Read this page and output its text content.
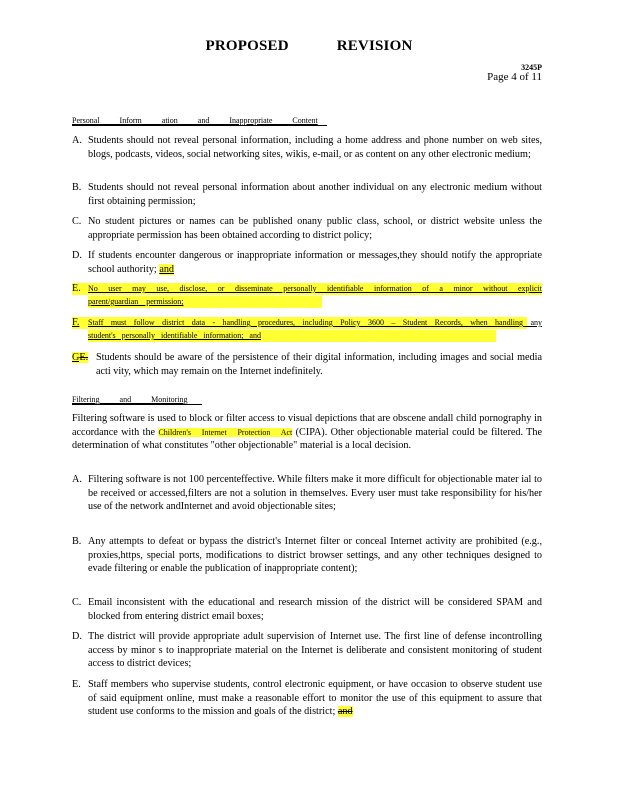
PROPOSED	REVISION
3245P
Page 4 of 11
Personal Inform ation and Inappropriate Content
A. Students should not reveal personal information, including a home address and phone number on web sites, blogs, podcasts, videos, social networking sites, wikis, e-mail, or as content on any other electronic medium;
B. Students should not reveal personal information about another individual on any electronic medium without first obtaining permission;
C. No student pictures or names can be published onany public class, school, or district website unless the appropriate permission has been obtained according to district policy;
D. If students encounter dangerous or inappropriate information or messages,they should notify the appropriate school authority; and
E. No user may use, disclose, or disseminate personally identifiable information of a minor without explicit parent/guardian permission;
F.	Staff must follow district data - handling procedures, including Policy 3600 – Student Records, when handling any student's personally identifiable information; and
GE. Students should be aware of the persistence of their digital information, including images and social media acti vity, which may remain on the Internet indefinitely.
Filtering and Monitoring
Filtering software is used to block or filter access to visual depictions that are obscene andall child pornography in accordance with the Children's Internet Protection Act (CIPA). Other objectionable material could be filtered. The determination of what constitutes "other objectionable" material is a local decision.
A. Filtering software is not 100 percenteffective. While filters make it more difficult for objectionable mater ial to be received or accessed,filters are not a solution in themselves. Every user must take responsibility for his/her use of the network andInternet and avoid objectionable sites;
B. Any attempts to defeat or bypass the district's Internet filter or conceal Internet activity are prohibited (e.g., proxies,https, special ports, modifications to district browser settings, and any other techniques designed to evade filtering or enable the publication of inappropriate content);
C. Email inconsistent with the educational and research mission of the district will be considered SPAM and blocked from entering district email boxes;
D. The district will provide appropriate adult supervision of Internet use. The first line of defense incontrolling access by minor s to inappropriate material on the Internet is deliberate and consistent monitoring of student access to district devices;
E. Staff members who supervise students, control electronic equipment, or have occasion to observe student use of said equipment online, must make a reasonable effort to monitor the use of this equipment to assure that student use conforms to the mission and goals of the district; and
